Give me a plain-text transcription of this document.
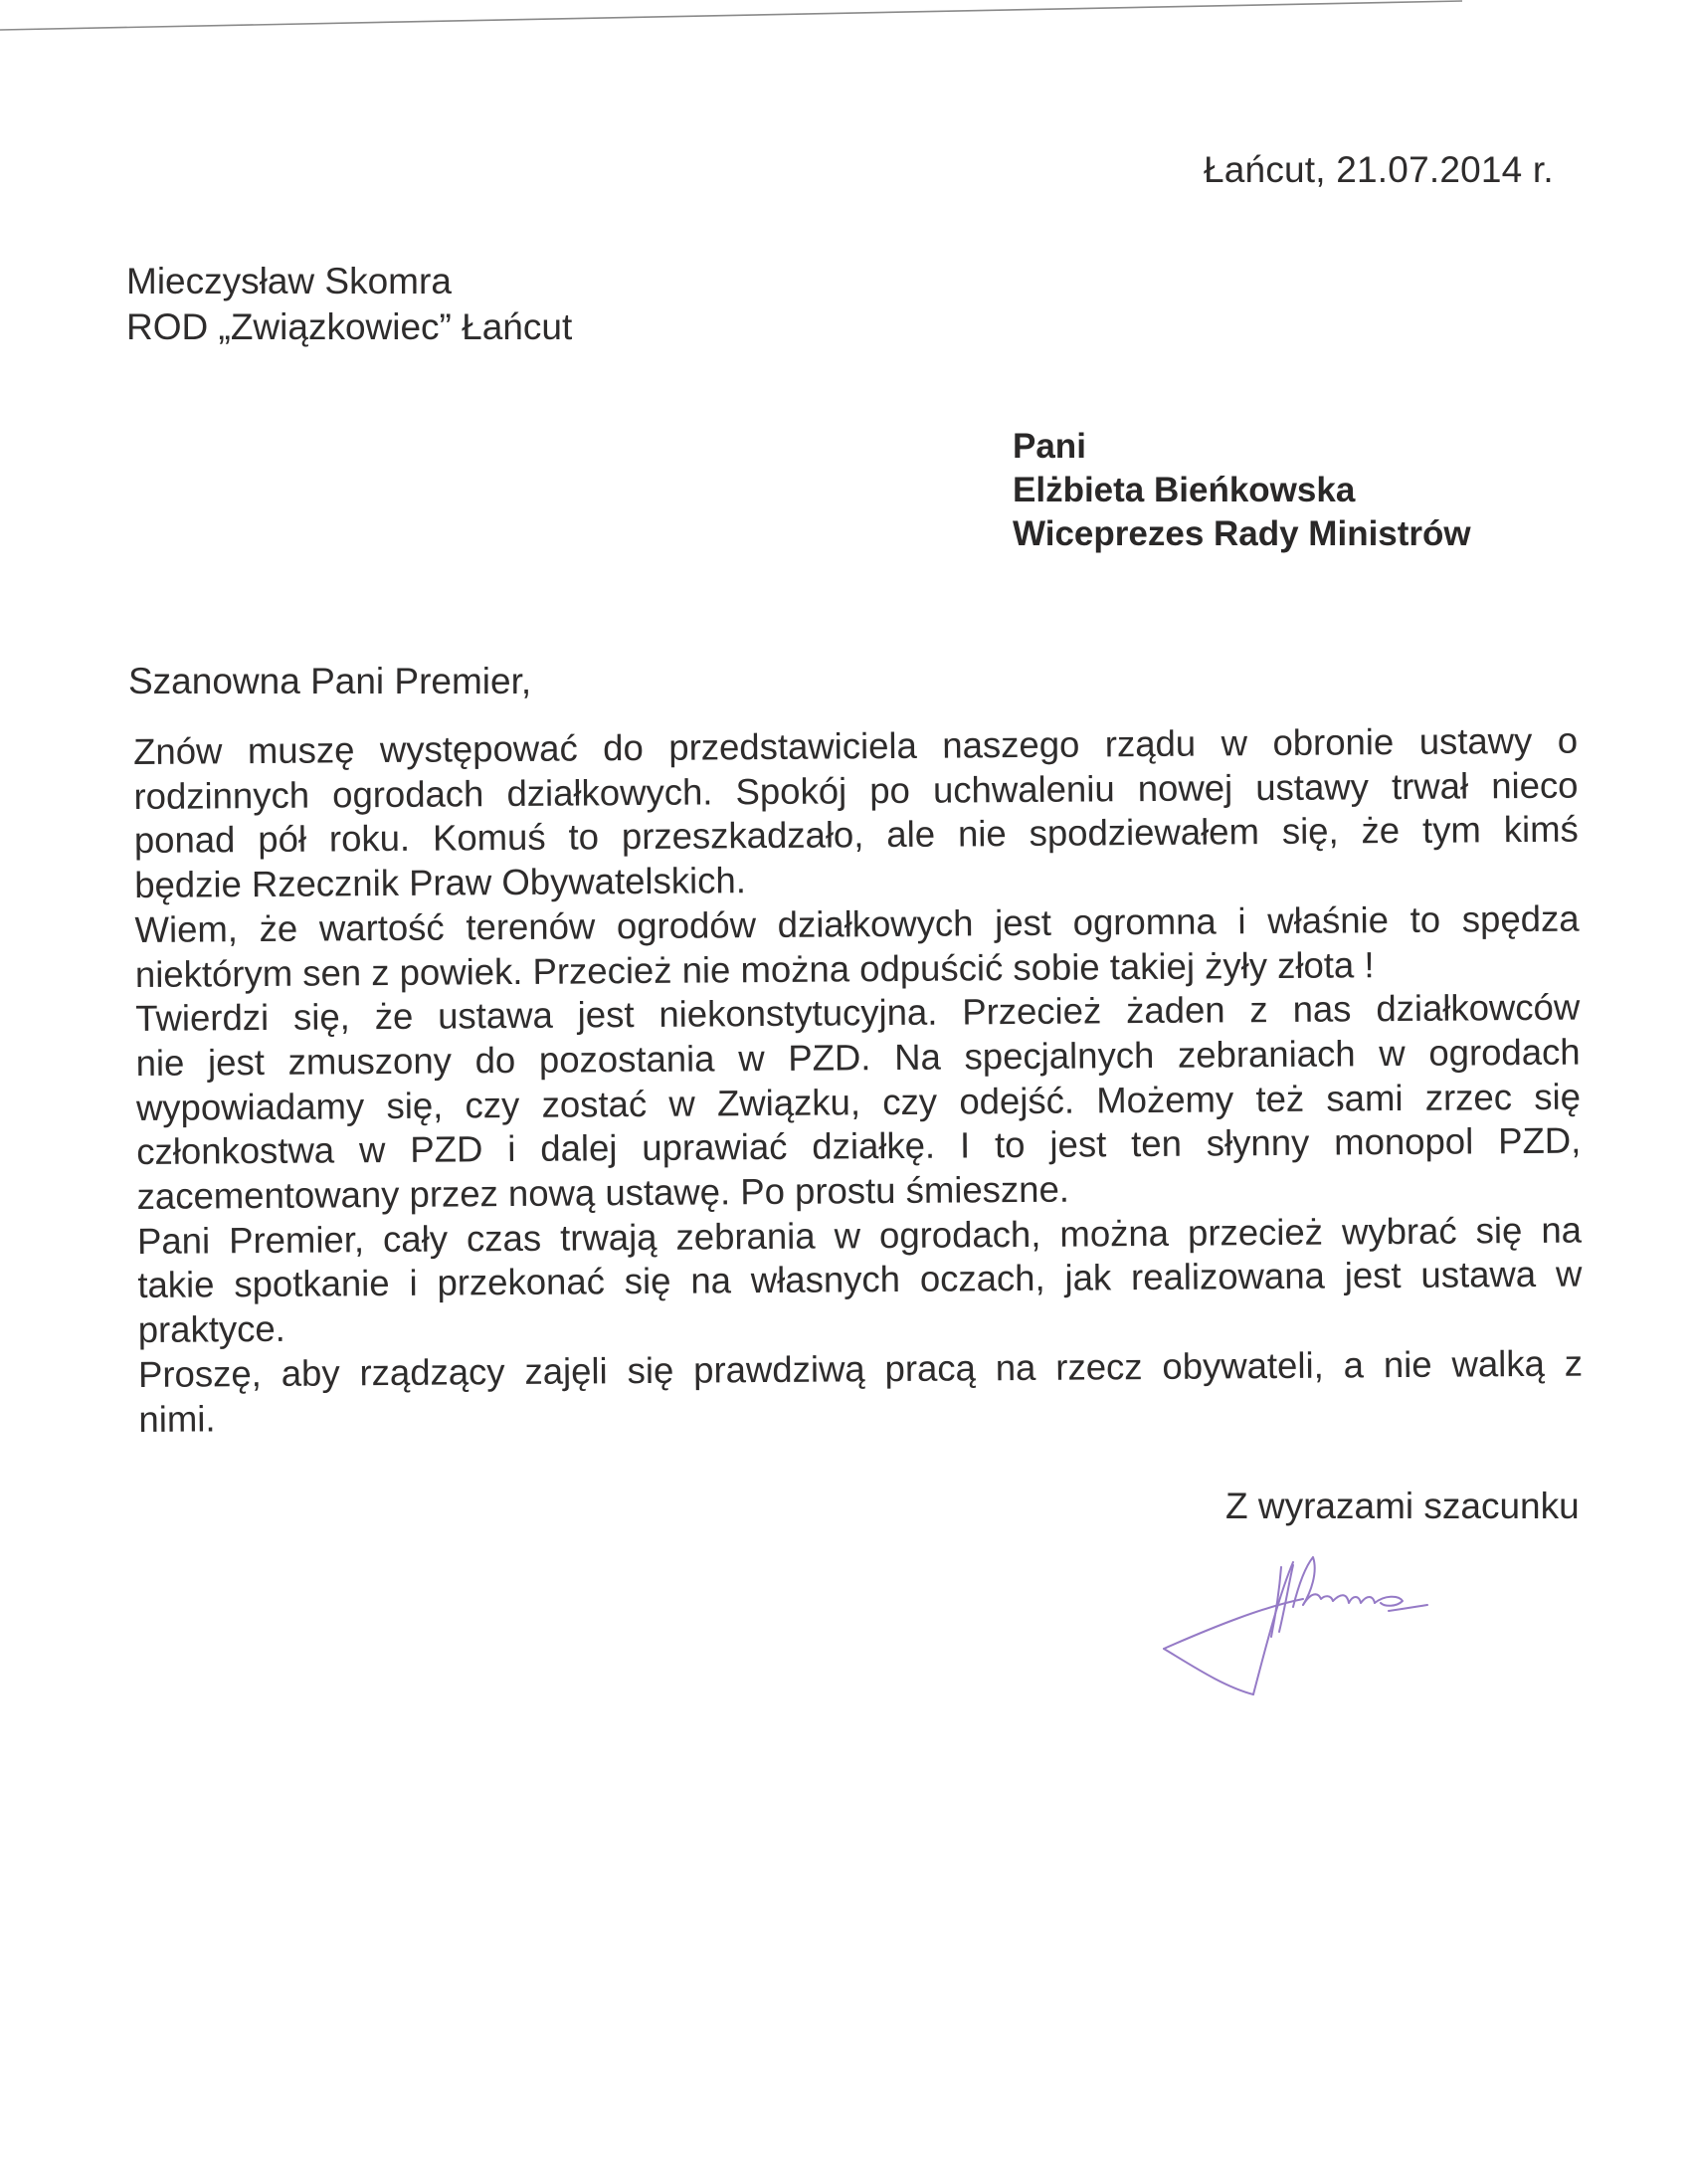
Łańcut, 21.07.2014 r.
Mieczysław Skomra
ROD „Związkowiec” Łańcut
Pani
Elżbieta Bieńkowska
Wiceprezes Rady Ministrów
Szanowna Pani Premier,
Znów muszę występować do przedstawiciela naszego rządu w obronie ustawy o
rodzinnych ogrodach działkowych. Spokój po uchwaleniu nowej ustawy trwał nieco
ponad pół roku. Komuś to przeszkadzało, ale nie spodziewałem się, że tym kimś
będzie Rzecznik Praw Obywatelskich.
Wiem, że wartość terenów ogrodów działkowych jest ogromna i właśnie to spędza
niektórym sen z powiek. Przecież nie można odpuścić sobie takiej żyły złota !
Twierdzi się, że ustawa jest niekonstytucyjna. Przecież żaden z nas działkowców
nie jest zmuszony do pozostania w PZD. Na specjalnych zebraniach w ogrodach
wypowiadamy się, czy zostać w Związku, czy odejść. Możemy też sami zrzec się
członkostwa w PZD i dalej uprawiać działkę. I to jest ten słynny monopol PZD,
zacementowany przez nową ustawę. Po prostu śmieszne.
Pani Premier, cały czas trwają zebrania w ogrodach, można przecież wybrać się na
takie spotkanie i przekonać się na własnych oczach, jak realizowana jest ustawa w
praktyce.
Proszę, aby rządzący zajęli się prawdziwą pracą na rzecz obywateli, a nie walką z
nimi.
Z wyrazami szacunku
